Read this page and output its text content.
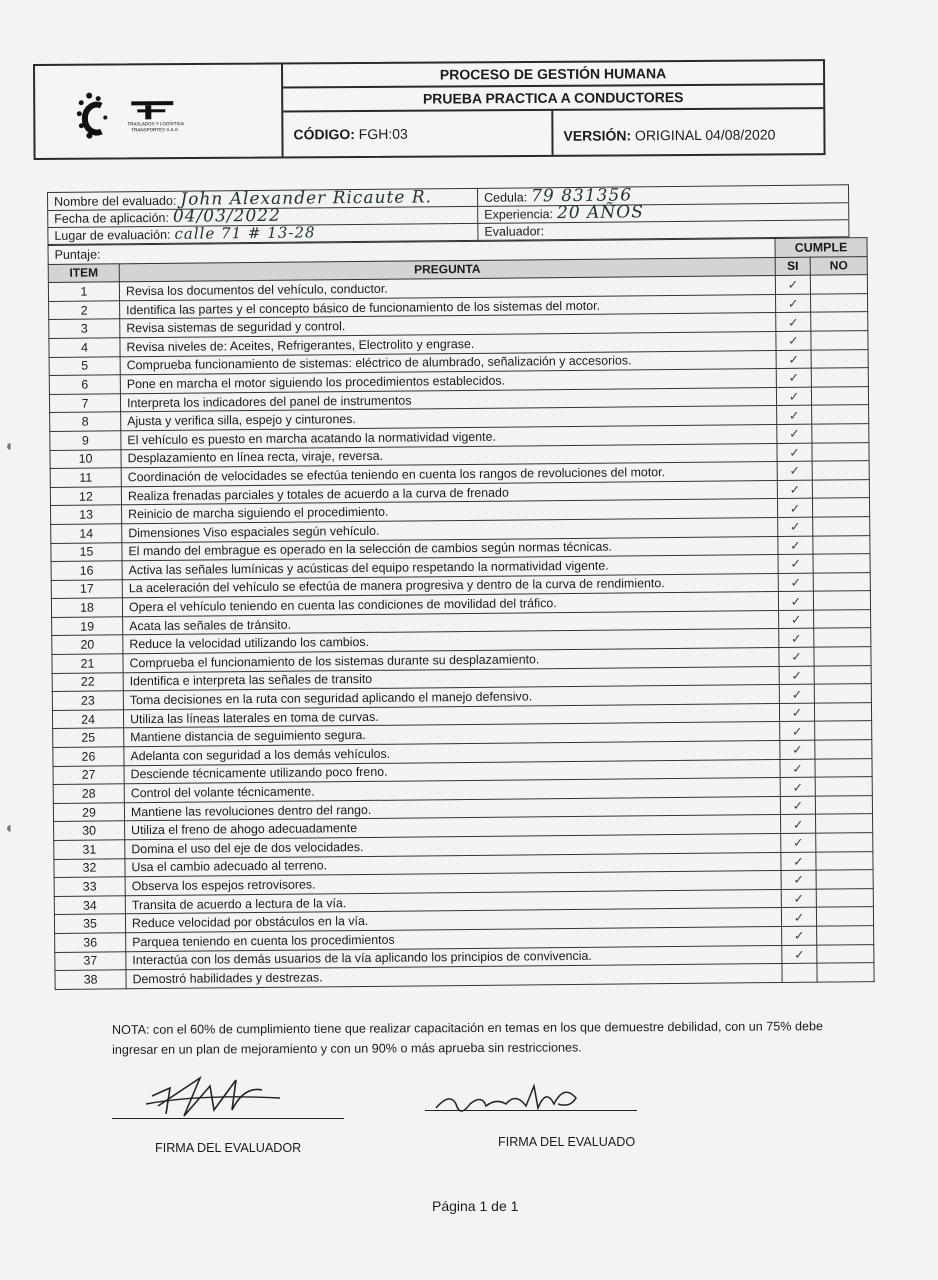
TRASLADOS Y LOGÍSTICA
TRANSPORTES S.A.S
PROCESO DE GESTIÓN HUMANA
PRUEBA PRACTICA A CONDUCTORES
CÓDIGO:
FGH:03	VERSIÓN:
ORIGINAL 04/08/2020
Nombre del evaluado: John Alexander Ricaute R.	Cedula: 79 831356
Fecha de aplicación: 04/03/2022	Experiencia: 20 AÑOS
Lugar de evaluación: calle 71 # 13-28	Evaluador:
Puntaje:		CUMPLE	
ITEM	PREGUNTA	SI	NO
1	Revisa los documentos del vehículo, conductor.	✓	
2	Identifica las partes y el concepto básico de funcionamiento de los sistemas del motor.	✓	
3	Revisa sistemas de seguridad y control.	✓	
4	Revisa niveles de: Aceites, Refrigerantes, Electrolito y engrase.	✓	
5	Comprueba funcionamiento de sistemas: eléctrico de alumbrado, señalización y accesorios.	✓	
6	Pone en marcha el motor siguiendo los procedimientos establecidos.	✓	
7	Interpreta los indicadores del panel de instrumentos	✓	
8	Ajusta y verifica silla, espejo y cinturones.	✓	
9	El vehículo es puesto en marcha acatando la normatividad vigente.	✓	
10	Desplazamiento en línea recta, viraje, reversa.	✓	
11	Coordinación de velocidades se efectúa teniendo en cuenta los rangos de revoluciones del motor.	✓	
12	Realiza frenadas parciales y totales de acuerdo a la curva de frenado	✓	
13	Reinicio de marcha siguiendo el procedimiento.	✓	
14	Dimensiones Viso espaciales según vehículo.	✓	
15	El mando del embrague es operado en la selección de cambios según normas técnicas.	✓	
16	Activa las señales lumínicas y acústicas del equipo respetando la normatividad vigente.	✓	
17	La aceleración del vehículo se efectúa de manera progresiva y dentro de la curva de rendimiento.	✓	
18	Opera el vehículo teniendo en cuenta las condiciones de movilidad del tráfico.	✓	
19	Acata las señales de tránsito.	✓	
20	Reduce la velocidad utilizando los cambios.	✓	
21	Comprueba el funcionamiento de los sistemas durante su desplazamiento.	✓	
22	Identifica e interpreta las señales de transito	✓	
23	Toma decisiones en la ruta con seguridad aplicando el manejo defensivo.	✓	
24	Utiliza las líneas laterales en toma de curvas.	✓	
25	Mantiene distancia de seguimiento segura.	✓	
26	Adelanta con seguridad a los demás vehículos.	✓	
27	Desciende técnicamente utilizando poco freno.	✓	
28	Control del volante técnicamente.	✓	
29	Mantiene las revoluciones dentro del rango.	✓	
30	Utiliza el freno de ahogo adecuadamente	✓	
31	Domina el uso del eje de dos velocidades.	✓	
32	Usa el cambio adecuado al terreno.	✓	
33	Observa los espejos retrovisores.	✓	
34	Transita de acuerdo a lectura de la vía.	✓	
35	Reduce velocidad por obstáculos en la vía.	✓	
36	Parquea teniendo en cuenta los procedimientos	✓	
37	Interactúa con los demás usuarios de la vía aplicando los principios de convivencia.	✓	
38	Demostró habilidades y destrezas.		
NOTA: con el 60% de cumplimiento tiene que realizar capacitación en temas en los que demuestre debilidad, con un 75% debe ingresar en un plan de mejoramiento y con un 90% o más aprueba sin restricciones.
FIRMA DEL EVALUADOR	FIRMA DEL EVALUADO
Página 1 de 1
◖
◖
